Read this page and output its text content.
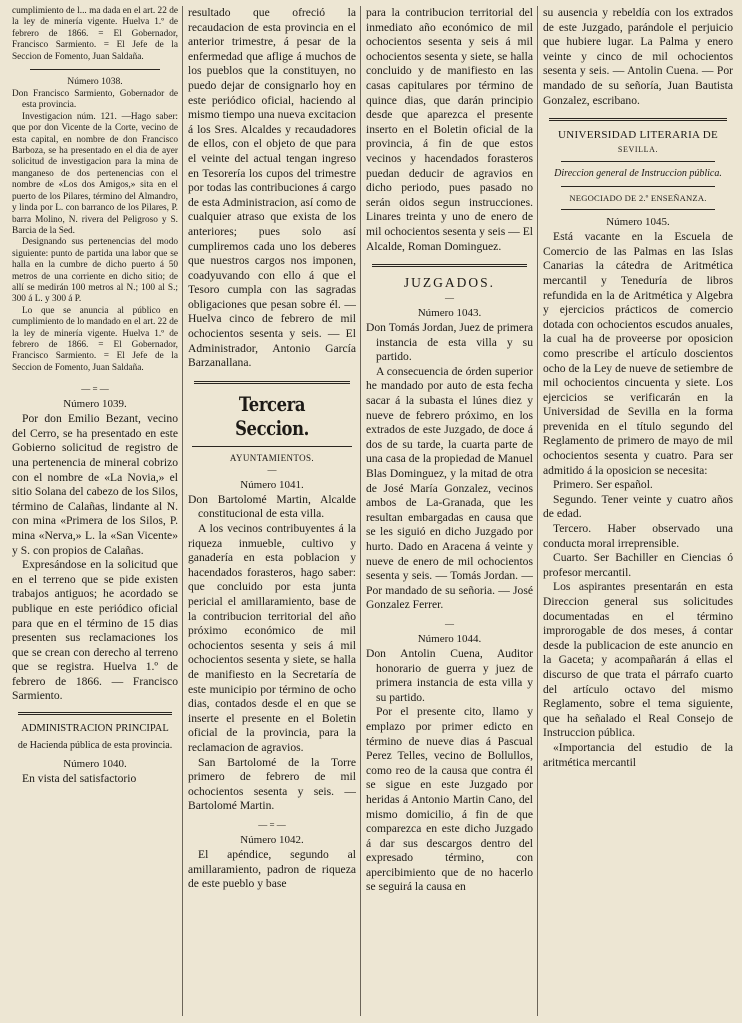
cumplimiento de l... ma dada en el art. 22 de la ley de minería vigente. Huelva 1.º de febrero de 1866. = El Gobernador, Francisco Sarmiento. = El Jefe de la Seccion de Fomento, Juan Saldaña.

Número 1038.

Don Francisco Sarmiento, Gobernador de esta provincia.

Investigacion núm. 121. —Hago saber: que por don Vicente de la Corte, vecino de esta capital, en nombre de don Francisco Barboza, se ha presentado en el dia de ayer solicitud de investigacion para la mina de manganeso de dos pertenencias con el nombre de «Los dos Amigos,» sita en el puerto de los Pilares, término del Almandro, y linda por L. con barranco de los Pilares, P. barra Molino, N. rivera del Peligroso y S. Barcia de la Sed.

Designando sus pertenencias del modo siguiente: punto de partida una labor que se halla en la cumbre de dicho puerto á 50 metros de una corriente en dicho sitio; de allí se medirán 100 metros al N.; 100 al S.; 300 á L. y 300 á P.

Lo que se anuncia al público en cumplimiento de lo mandado en el art. 22 de la ley de minería vigente. Huelva 1.º de febrero de 1866. = El Gobernador, Francisco Sarmiento. = El Jefe de la Seccion de Fomento, Juan Saldaña.

— = —
Número 1039.

Por don Emilio Bezant, vecino del Cerro, se ha presentado en este Gobierno solicitud de registro de una pertenencia de mineral cobrizo con el nombre de «La Novia,» el sitio Solana del cabezo de los Silos, término de Calañas, lindante al N. con mina «Primera de los Silos, P. mina «Nerva,» L. la «San Vicente» y S. con propios de Calañas.

Expresándose en la solicitud que en el terreno que se pide existen trabajos antiguos; he acordado se publique en este periódico oficial para que en el término de 15 dias presenten sus reclamaciones los que se crean con derecho al terreno que se registra. Huelva 1.º de febrero de 1866. — Francisco Sarmiento.

ADMINISTRACION PRINCIPAL
de Hacienda pública de esta provincia.
Número 1040.

En vista del satisfactorio

resultado que ofreció la recaudacion de esta provincia en el anterior trimestre, á pesar de la enfermedad que aflige á muchos de los pueblos que la constituyen, no puedo dejar de consignarlo hoy en este periódico oficial, haciendo al mismo tiempo una nueva excitacion á los Sres. Alcaldes y recaudadores de ellos, con el objeto de que para el veinte del actual tengan ingreso en Tesorería los cupos del trimestre por todas las contribuciones á cargo de esta Administracion, así como de cualquier atraso que exista de los anteriores; pues solo así cumpliremos cada uno los deberes que nuestros cargos nos imponen, coadyuvando con ello á que el Tesoro cumpla con las sagradas obligaciones que pesan sobre él. — Huelva cinco de febrero de mil ochocientos sesenta y seis. — El Administrador, Antonio García Barzanallana.

Tercera Seccion.
AYUNTAMIENTOS.
—
Número 1041.

Don Bartolomé Martin, Alcalde constitucional de esta villa.

A los vecinos contribuyentes á la riqueza inmueble, cultivo y ganadería en esta poblacion y hacendados forasteros, hago saber: que concluido por esta junta pericial el amillaramiento, base de la contribucion territorial del año próximo económico de mil ochocientos sesenta y seis á mil ochocientos sesenta y siete, se halla de manifiesto en la Secretaría de este municipio por término de ocho dias, contados desde el en que se inserte el presente en el Boletin oficial de la provincia, para la reclamacion de agravios.

San Bartolomé de la Torre primero de febrero de mil ochocientos sesenta y seis. — Bartolomé Martin.

— = —
Número 1042.

El apéndice, segundo al amillaramiento, padron de riqueza de este pueblo y base

para la contribucion territorial del inmediato año económico de mil ochocientos sesenta y seis á mil ochocientos sesenta y siete, se halla concluido y de manifiesto en las casas capitulares por término de quince dias, que darán principio desde que aparezca el presente inserto en el Boletin oficial de la provincia, á fin de que estos vecinos y hacendados forasteros puedan deducir de agravios en dicho periodo, pues pasado no serán oidos segun instrucciones. Linares treinta y uno de enero de mil ochocientos sesenta y seis — El Alcalde, Roman Dominguez.

JUZGADOS.
—
Número 1043.

Don Tomás Jordan, Juez de primera instancia de esta villa y su partido.

A consecuencia de órden superior he mandado por auto de esta fecha sacar á la subasta el lúnes diez y nueve de febrero próximo, en los extrados de este Juzgado, de doce á dos de su tarde, la cuarta parte de una casa de la propiedad de Manuel Blas Dominguez, y la mitad de otra de José María Gonzalez, vecinos ambos de La-Granada, que les resultan embargadas en causa que se les siguió en dicho Juzgado por hurto. Dado en Aracena á veinte y nueve de enero de mil ochocientos sesenta y seis. — Tomás Jordan. — Por mandado de su señoria. — José Gonzalez Ferrer.

—
Número 1044.

Don Antolin Cuena, Auditor honorario de guerra y juez de primera instancia de esta villa y su partido.

Por el presente cito, llamo y emplazo por primer edicto en término de nueve dias á Pascual Perez Telles, vecino de Bollullos, como reo de la causa que contra él se sigue en este Juzgado por heridas á Antonio Martin Cano, del mismo domicilio, á fin de que comparezca en este dicho Juzgado á dar sus descargos dentro del expresado término, con apercibimiento que de no hacerlo se seguirá la causa en

su ausencia y rebeldía con los extrados de este Juzgado, parándole el perjuicio que hubiere lugar. La Palma y enero veinte y cinco de mil ochocientos sesenta y seis. — Antolin Cuena. — Por mandado de su señoría, Juan Bautista Gonzalez, escribano.

UNIVERSIDAD LITERARIA DE
SEVILLA.
Direccion general de Instruccion pública.
NEGOCIADO DE 2.º ENSEÑANZA.
Número 1045.

Está vacante en la Escuela de Comercio de las Palmas en las Islas Canarias la cátedra de Aritmética mercantil y Teneduría de libros refundida en la de Aritmética y Algebra y ejercicios prácticos de comercio dotada con ochocientos escudos anuales, la cual ha de proveerse por oposicion como prescribe el artículo doscientos ocho de la Ley de nueve de setiembre de mil ochocientos cincuenta y siete. Los ejercicios se verificarán en la Universidad de Sevilla en la forma prevenida en el título segundo del Reglamento de primero de mayo de mil ochocientos sesenta y cuatro. Para ser admitido á la oposicion se necesita:

Primero. Ser español.

Segundo. Tener veinte y cuatro años de edad.

Tercero. Haber observado una conducta moral irreprensible.

Cuarto. Ser Bachiller en Ciencias ó profesor mercantil.

Los aspirantes presentarán en esta Direccion general sus solicitudes documentadas en el término improrogable de dos meses, á contar desde la publicacion de este anuncio en la Gaceta; y acompañarán á ellas el discurso de que trata el párrafo cuarto del artículo octavo del mismo Reglamento, sobre el tema siguiente, que ha señalado el Real Consejo de Instruccion pública.

«Importancia del estudio de la aritmética mercantil
